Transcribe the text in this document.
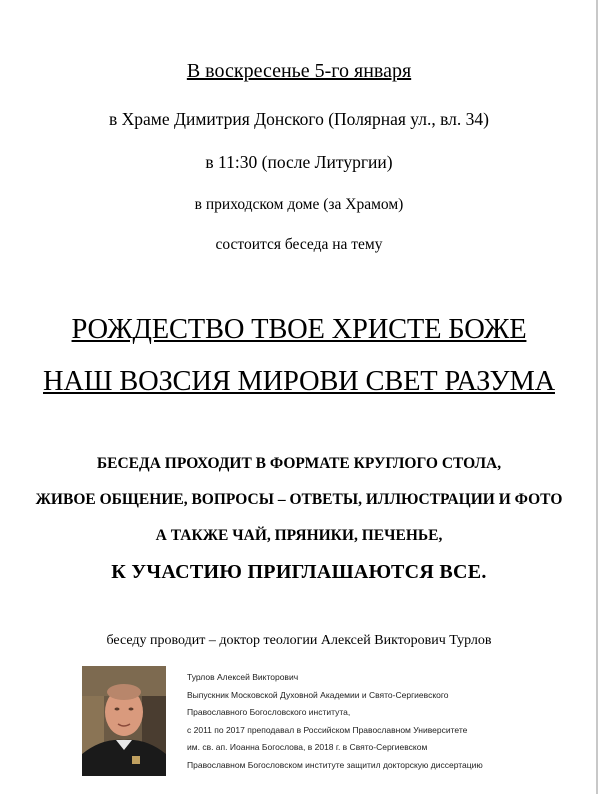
В воскресенье 5-го января
в Храме Димитрия Донского (Полярная ул., вл. 34)
в 11:30 (после Литургии)
в приходском доме (за Храмом)
состоится беседа на тему
РОЖДЕСТВО ТВОЕ ХРИСТЕ БОЖЕ
НАШ ВОЗСИЯ МИРОВИ СВЕТ РАЗУМА
БЕСЕДА ПРОХОДИТ В ФОРМАТЕ КРУГЛОГО СТОЛА,
ЖИВОЕ ОБЩЕНИЕ, ВОПРОСЫ – ОТВЕТЫ, ИЛЛЮСТРАЦИИ И ФОТО
А ТАКЖЕ ЧАЙ, ПРЯНИКИ, ПЕЧЕНЬЕ,
К УЧАСТИЮ ПРИГЛАШАЮТСЯ ВСЕ.
беседу проводит – доктор теологии Алексей Викторович Турлов
Турлов Алексей Викторович
Выпускник Московской Духовной Академии и Свято-Сергиевского
Православного Богословского института,
с 2011 по 2017 преподавал в Российском Православном Университете
им. св. ап. Иоанна Богослова, в 2018 г. в Свято-Сергиевском
Православном Богословском институте защитил докторскую диссертацию
